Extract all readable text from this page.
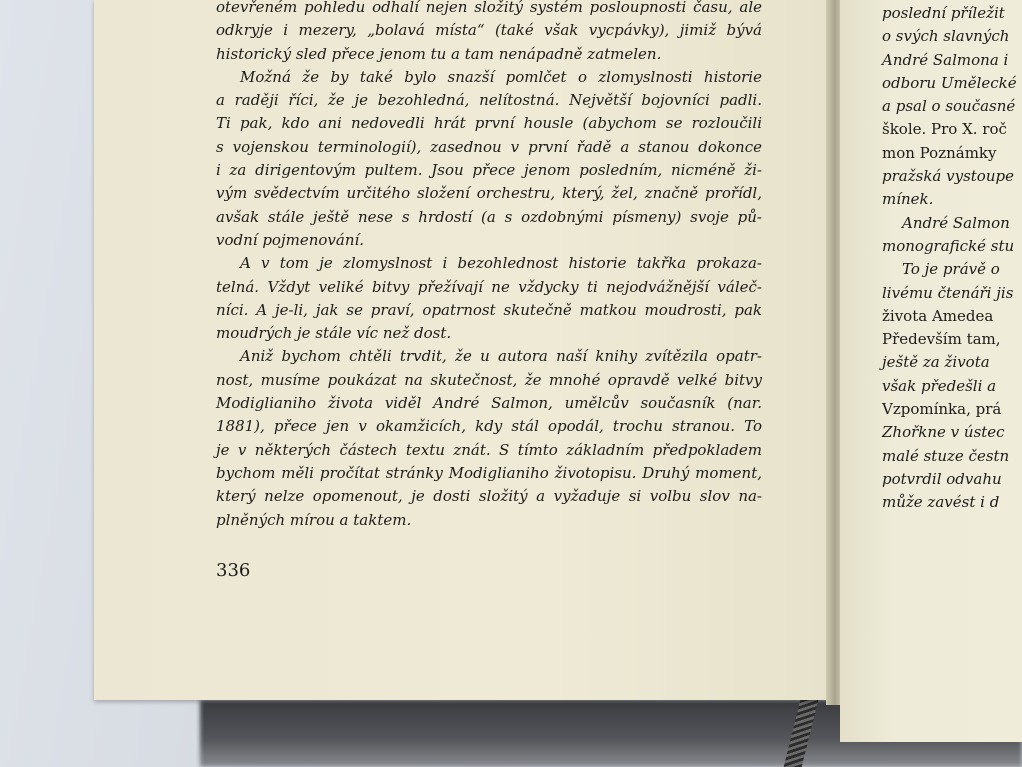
otevřeném pohledu odhalí nejen složitý systém posloupnosti času, ale
odkryje i mezery, „bolavá místa“ (také však vycpávky), jimiž bývá
historický sled přece jenom tu a tam nenápadně zatmelen.
Možná že by také bylo snazší pomlčet o zlomyslnosti historie
a raději říci, že je bezohledná, nelítostná. Největší bojovníci padli.
Ti pak, kdo ani nedovedli hrát první housle (abychom se rozloučili
s vojenskou terminologií), zasednou v první řadě a stanou dokonce
i za dirigentovým pultem. Jsou přece jenom posledním, nicméně ži-
vým svědectvím určitého složení orchestru, který, žel, značně prořídl,
avšak stále ještě nese s hrdostí (a s ozdobnými písmeny) svoje pů-
vodní pojmenování.
A v tom je zlomyslnost i bezohlednost historie takřka prokaza-
telná. Vždyt veliké bitvy přežívají ne vždycky ti nejodvážnější váleč-
níci. A je-li, jak se praví, opatrnost skutečně matkou moudrosti, pak
moudrých je stále víc než dost.
Aniž bychom chtěli trvdit, že u autora naší knihy zvítězila opatr-
nost, musíme poukázat na skutečnost, že mnohé opravdě velké bitvy
Modiglianiho života viděl André Salmon, umělcův současník (nar.
1881), přece jen v okamžicích, kdy stál opodál, trochu stranou. To
je v některých částech textu znát. S tímto základním předpokladem
bychom měli pročítat stránky Modiglianiho životopisu. Druhý moment,
který nelze opomenout, je dosti složitý a vyžaduje si volbu slov na-
plněných mírou a taktem.
336
poslední příležit
o svých slavných
André Salmona i
odboru Umělecké
a psal o současné
škole. Pro X. roč
mon Poznámky
pražská vystoupe
mínek.
André Salmon
monografické stu
To je právě o
livému čtenáři jis
života Amedea
Především tam,
ještě za života
však předešli a
Vzpomínka, prá
Zhořkne v ústec
malé stuze čestn
potvrdil odvahu
může zavést i d
